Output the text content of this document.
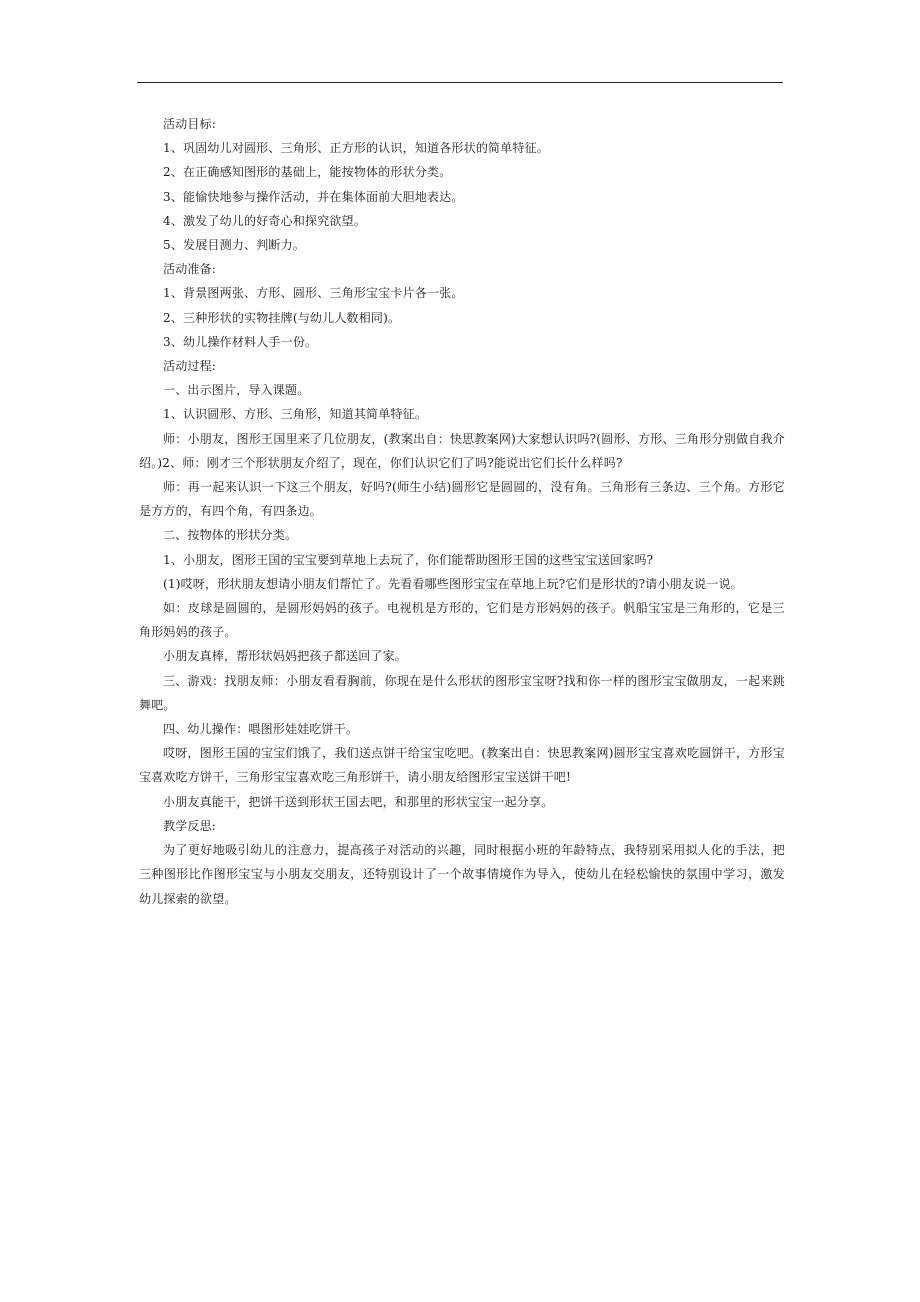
活动目标:

1、巩固幼儿对圆形、三角形、正方形的认识，知道各形状的简单特征。

2、在正确感知图形的基础上，能按物体的形状分类。

3、能愉快地参与操作活动，并在集体面前大胆地表达。

4、激发了幼儿的好奇心和探究欲望。

5、发展目测力、判断力。

活动准备:

1、背景图两张、方形、圆形、三角形宝宝卡片各一张。

2、三种形状的实物挂牌(与幼儿人数相同)。

3、幼儿操作材料人手一份。

活动过程:

一、出示图片，导入课题。

1、认识圆形、方形、三角形，知道其简单特征。

师：小朋友，图形王国里来了几位朋友，(教案出自：快思教案网)大家想认识吗?(圆形、方形、三角形分别做自我介绍。)2、师：刚才三个形状朋友介绍了，现在，你们认识它们了吗?能说出它们长什么样吗?

师：再一起来认识一下这三个朋友，好吗?(师生小结)圆形它是圆圆的，没有角。三角形有三条边、三个角。方形它是方方的，有四个角，有四条边。

二、按物体的形状分类。

1、小朋友，图形王国的宝宝要到草地上去玩了，你们能帮助图形王国的这些宝宝送回家吗?

(1)哎呀，形状朋友想请小朋友们帮忙了。先看看哪些图形宝宝在草地上玩?它们是形状的?请小朋友说一说。

如：皮球是圆圆的，是圆形妈妈的孩子。电视机是方形的，它们是方形妈妈的孩子。帆船宝宝是三角形的，它是三角形妈妈的孩子。

小朋友真棒，帮形状妈妈把孩子都送回了家。

三、游戏：找朋友师：小朋友看看胸前，你现在是什么形状的图形宝宝呀?找和你一样的图形宝宝做朋友，一起来跳舞吧。

四、幼儿操作：喂图形娃娃吃饼干。

哎呀，图形王国的宝宝们饿了，我们送点饼干给宝宝吃吧。(教案出自：快思教案网)圆形宝宝喜欢吃圆饼干，方形宝宝喜欢吃方饼干，三角形宝宝喜欢吃三角形饼干，请小朋友给图形宝宝送饼干吧!

小朋友真能干，把饼干送到形状王国去吧，和那里的形状宝宝一起分享。

教学反思:

为了更好地吸引幼儿的注意力，提高孩子对活动的兴趣，同时根据小班的年龄特点，我特别采用拟人化的手法，把三种图形比作图形宝宝与小朋友交朋友，还特别设计了一个故事情境作为导入，使幼儿在轻松愉快的氛围中学习，激发幼儿探索的欲望。
